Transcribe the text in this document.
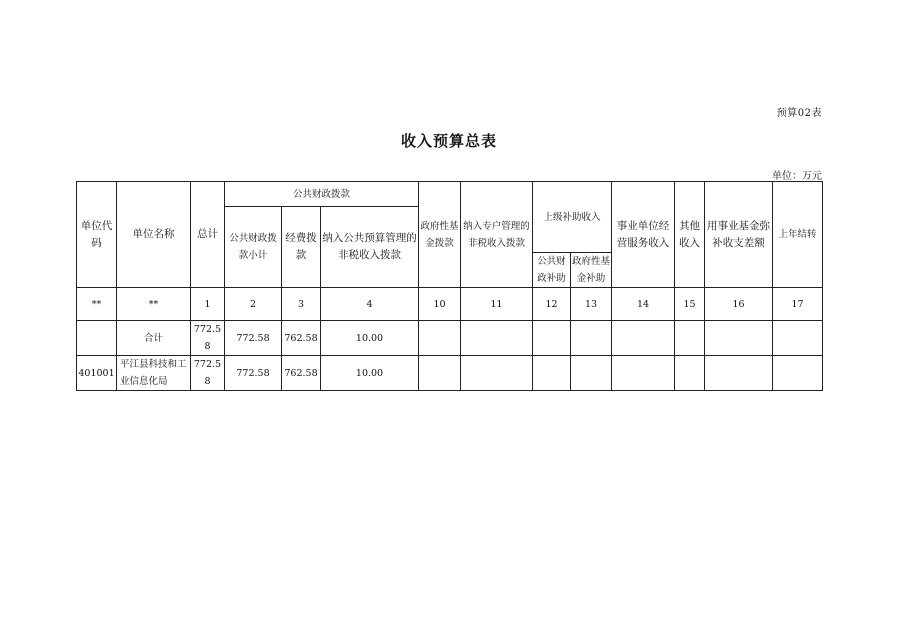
预算02表
收入预算总表
单位：万元
单位代码	单位名称	总计	公共财政拨款			政府性基金拨款	纳入专户管理的非税收入拨款	上级补助收入		事业单位经营服务收入	其他收入	用事业基金弥补收支差额	上年结转
			公共财政拨款小计	经费拨款	纳入公共预算管理的非税收入拨款								
								公共财政补助	政府性基金补助				
**	**	1	2	3	4	10	11	12	13	14	15	16	17
	合计	772.58	772.58	762.58	10.00								
401001	平江县科技和工业信息化局	772.58	772.58	762.58	10.00								
